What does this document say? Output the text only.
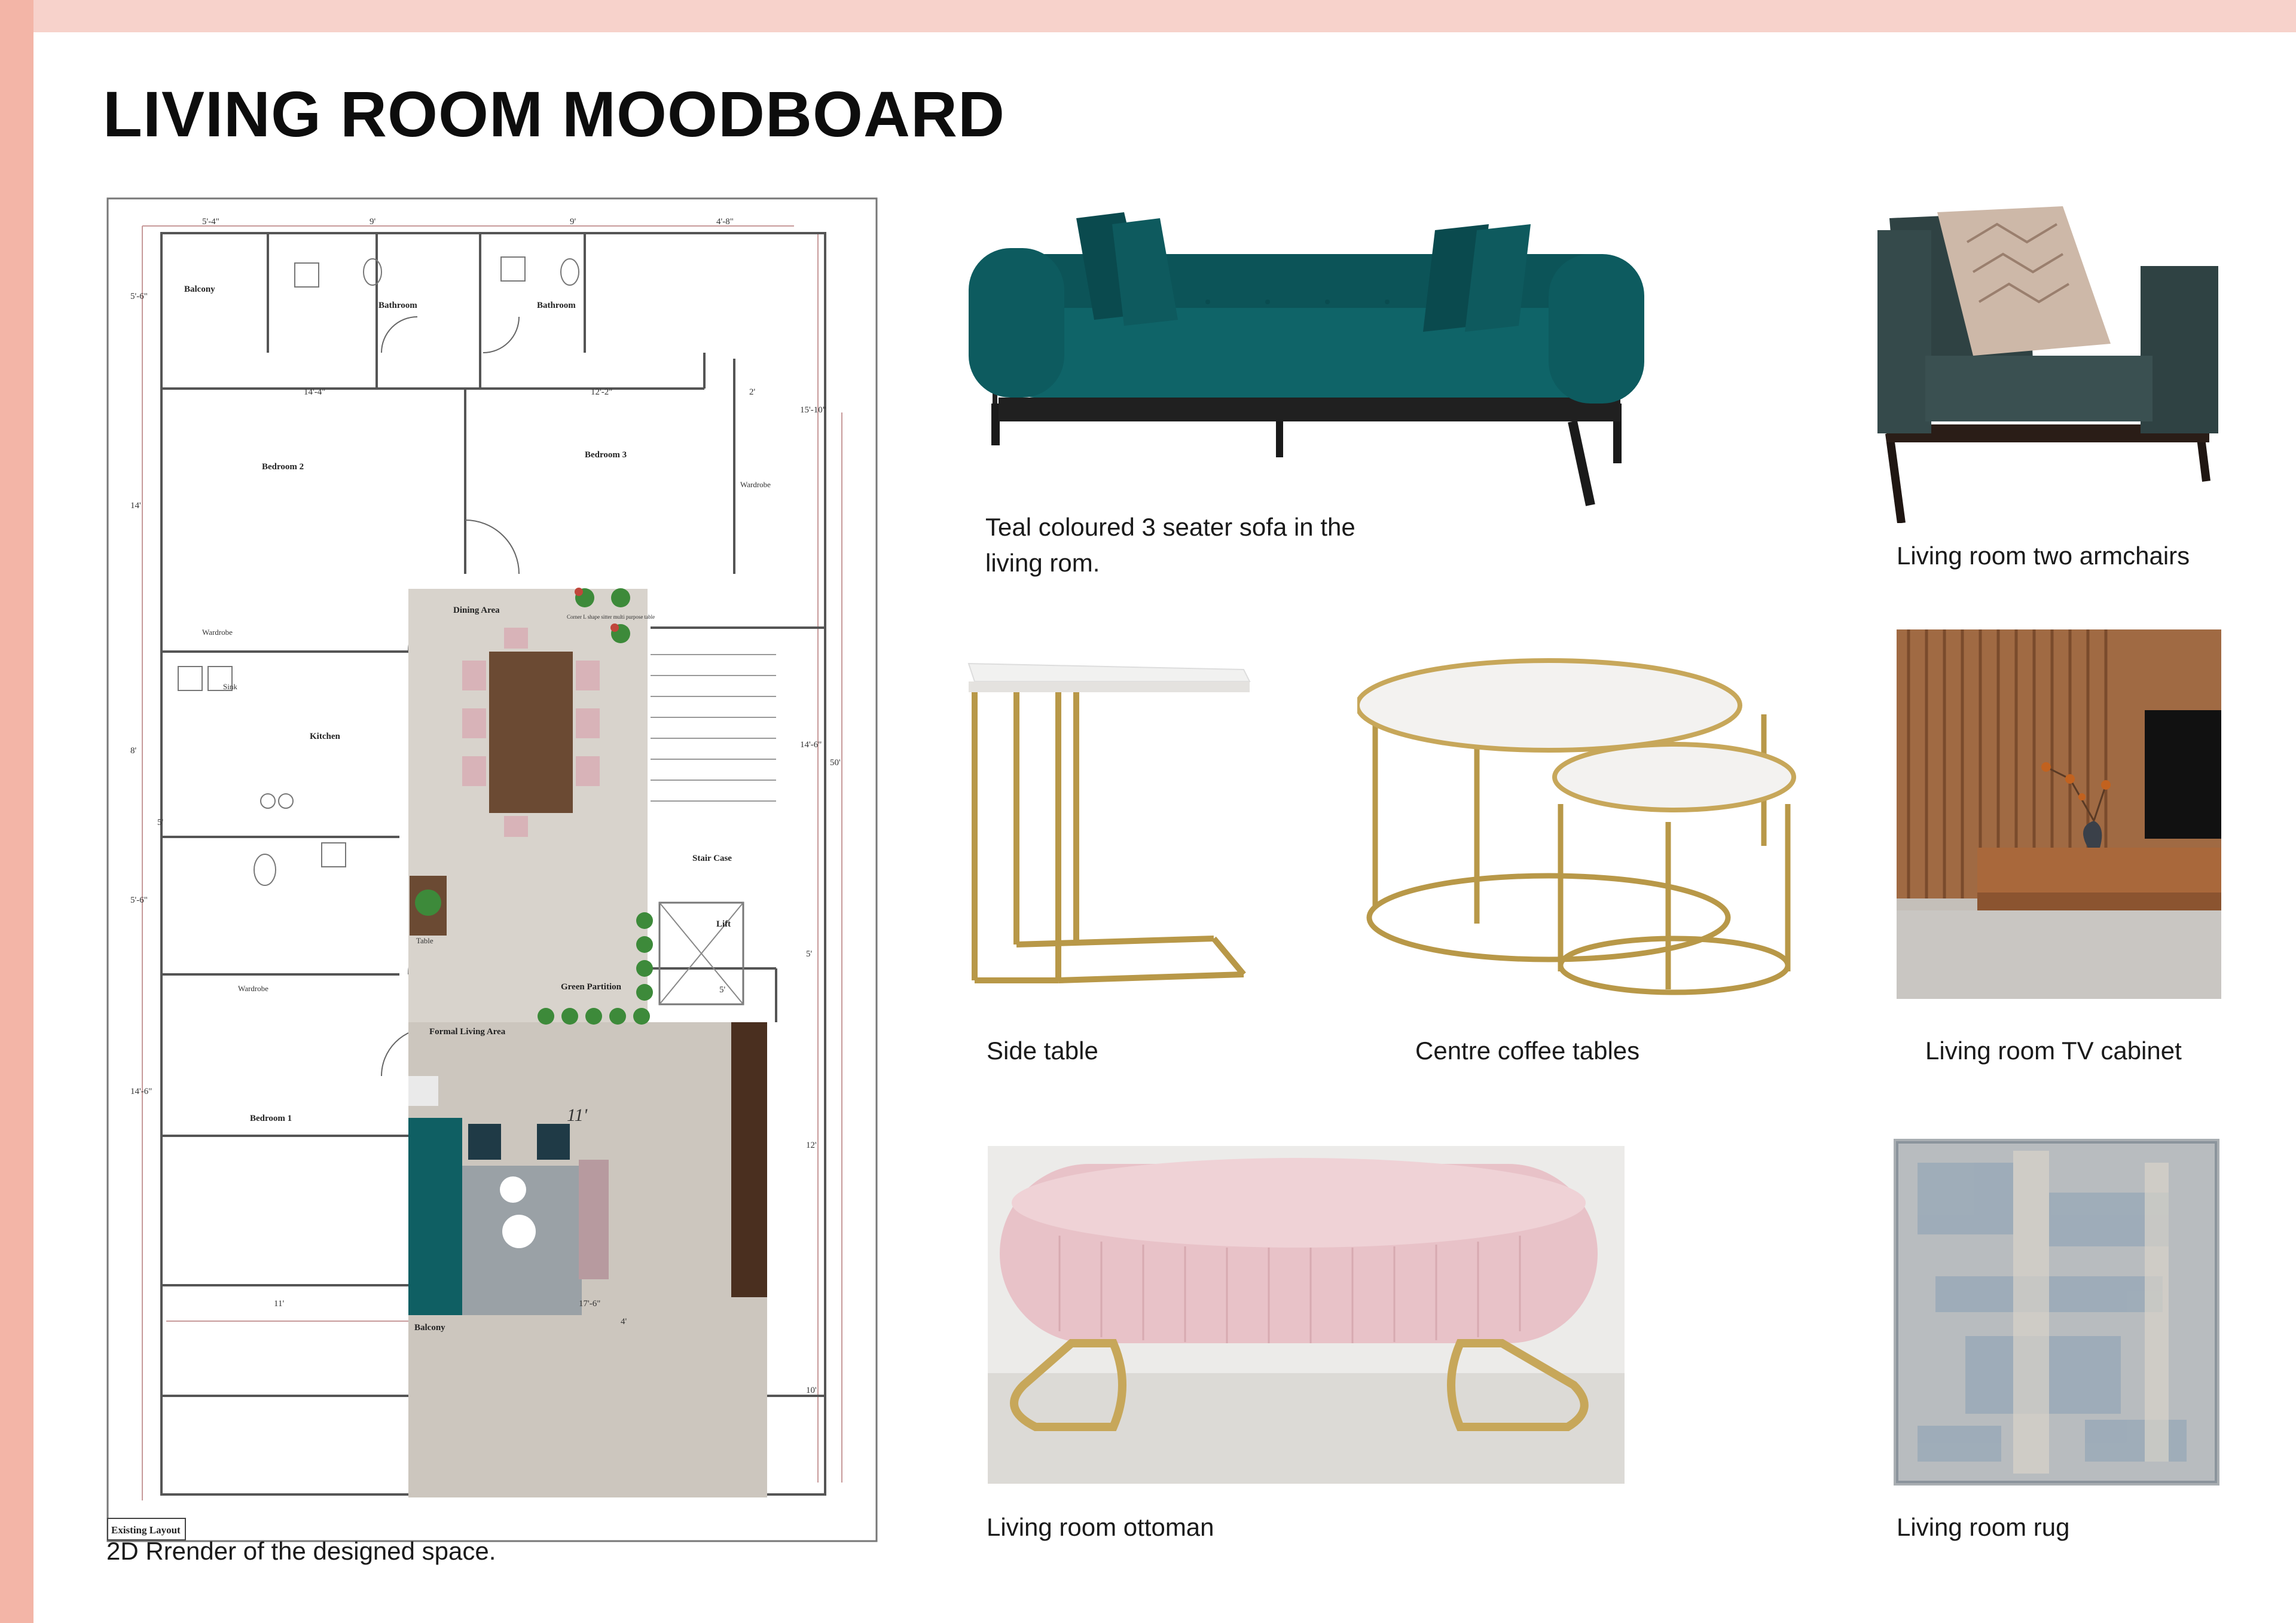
LIVING ROOM MOODBOARD
Balcony
Bathroom	Bathroom
Bedroom 2
Bedroom 3
Kitchen
Stair Case
Lift
Green Partition
Formal Living Area
Bedroom 1
Balcony
Dining Area
Wardrobe
Wardrobe
Wardrobe
Sink
Table
11'
Corner L shape sitter multi purpose table
5'-4"	9'	9'	4'-8"
14'-4"	12'-2"	2'
5'-6"
14'
8'
5'-6"
14'-6"
15'-10"
14'-6"
50'
5'
12'
10'
11'	17'-6"
5'
5'
4'
Existing Layout
2D Rrender of the designed space.
Teal coloured 3 seater sofa in the living rom.	Living room two armchairs
Side table	Centre coffee tables	Living room TV cabinet
Living room ottoman	Living room rug
